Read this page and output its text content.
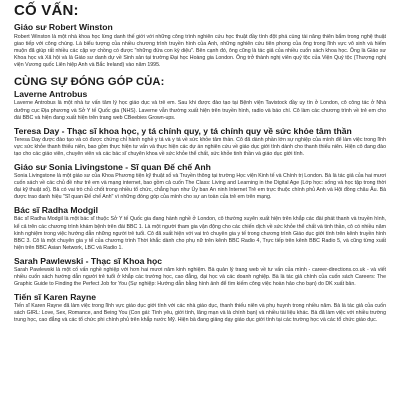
CỐ VẤN:
Giáo sư Robert Winston

Robert Winston là một nhà khoa học lừng danh thế giới với những công trình nghiên cứu học thuật đầy tính đột phá cùng tài năng thiên bẩm trong nghệ thuật giao tiếp với công chúng. Là biểu tượng của nhiều chương trình truyền hình của Anh, những nghiên cứu tiên phong của ông trong lĩnh vực vô sinh và hiếm muộn đã giúp rất nhiều các cặp vợ chồng có được "những đứa con kỳ diệu". Bên cạnh đó, ông cũng là tác giả của nhiều cuốn sách khoa học. Ông là Giáo sư Khoa học và Xã hội và là Giáo sư danh dự về Sinh sản tại trường Đại học Hoàng gia London. Ông trở thành nghị viên quý tộc của Viện Quý tộc (Thượng nghị viện Vương quốc Liên hiệp Anh và Bắc Ireland) vào năm 1995.

CÙNG SỰ ĐÓNG GÓP CỦA:
Laverne Antrobus

Laverne Antrobus là một nhà tư vấn tâm lý học giáo dục và trẻ em. Sau khi được đào tạo tại Bệnh viện Tavistock đầy uy tín ở London, cô công tác ở Nhà dưỡng cục Địa phương và Sở Y tế Quốc gia (NHS). Laverne vẫn thường xuất hiện trên truyền hình, radio và báo chí. Cô làm các chương trình về trẻ em cho đài BBC và hiện đang xuất hiện trên trang web CBeebies Grown-ups.

Teresa Day - Thạc sĩ khoa học, y tá chính quy, y tá chính quy về sức khỏe tâm thần

Teresa Day được đào tạo và có được chứng chỉ hành nghề y tá và y tá về sức khỏe tâm thần. Cô đã dành phần lớn sự nghiệp của mình để làm việc trong lĩnh vực sức khỏe thanh thiếu niên, bao gồm thực hiện tư vấn và thực hiện các dự án nghiên cứu về giáo dục giới tính dành cho thanh thiếu niên. Hiện cô đang đào tạo cho các giáo viên, chuyên viên và các bác sĩ chuyên khoa về sức khỏe thể chất, sức khỏe tinh thần và giáo dục giới tính.

Giáo sư Sonia Livingstone - Sĩ quan Đế chế Anh

Sonia Livingstone là một giáo sư của Khoa Phương tiện kỹ thuật số và Truyền thông tại trường Học viện Kinh tế và Chính trị London. Bà là tác giả của hai mươi cuốn sách về các chủ đề như trẻ em và mạng internet, bao gồm cả cuốn The Class: Living and Learning in the Digital Age (Lớp học: sống và học tập trong thời đại kỹ thuật số). Bà có vai trò chủ chốt trong nhiều tổ chức, chẳng hạn như Ủy ban An ninh Internet Trẻ em trực thuộc chính phủ Anh và Hội đồng châu Âu. Bà được trao danh hiệu "Sĩ quan Đế chế Anh" vì những đóng góp của mình cho sự an toàn của trẻ em trên mạng.

Bác sĩ Radha Modgil

Bác sĩ Radha Modgil là một bác sĩ thuộc Sở Y tế Quốc gia đang hành nghề ở London, cô thường xuyên xuất hiện trên khắp các đài phát thanh và truyền hình, kể cả trên các chương trình khám bệnh trên đài BBC 1. Là một người tham gia vận động cho các chiến dịch về sức khỏe thể chất và tinh thần, cô có nhiều năm kinh nghiệm trong việc hướng dẫn những người trẻ tuổi. Cô đã xuất hiện với vai trò chuyên gia y tế trong chương trình Giáo dục giới tính trên kênh truyền hình BBC 3. Cô là một chuyên gia y tế của chương trình Thời khắc dành cho phụ nữ trên kênh BBC Radio 4, Trực tiếp trên kênh BBC Radio 5, và cũng từng xuất hiện trên BBC Asian Network, LBC và Radio 1.

Sarah Pawlewski - Thạc sĩ Khoa học

Sarah Pawlewski là một cố vấn nghề nghiệp với hơn hai mươi năm kinh nghiệm. Bà quản lý trang web về tư vấn của mình - career-directions.co.uk - và viết nhiều cuốn sách hướng dẫn người trẻ tuổi ở khắp các trường học, cao đẳng, đại học và các doanh nghiệp. Bà là tác giả chính của cuốn sách Careers: The Graphic Guide to Finding the Perfect Job for You (Sự nghiệp: Hướng dẫn bằng hình ảnh để tìm kiếm công việc hoàn hảo cho bạn) do DK xuất bản.

Tiến sĩ Karen Rayne

Tiến sĩ Karen Rayne đã làm việc trong lĩnh vực giáo dục giới tính với các nhà giáo dục, thanh thiếu niên và phụ huynh trong nhiều năm. Bà là tác giả của cuốn sách GIRL: Love, Sex, Romance, and Being You (Con gái: Tình yêu, giới tính, lãng mạn và là chính bạn) và nhiều tài liệu khác. Bà đã làm việc với nhiều trường trung học, cao đẳng và các tổ chức phi chính phủ trên khắp nước Mỹ. Hiện bà đang giảng dạy giáo dục giới tính tại các trường học và các tổ chức giáo dục.
